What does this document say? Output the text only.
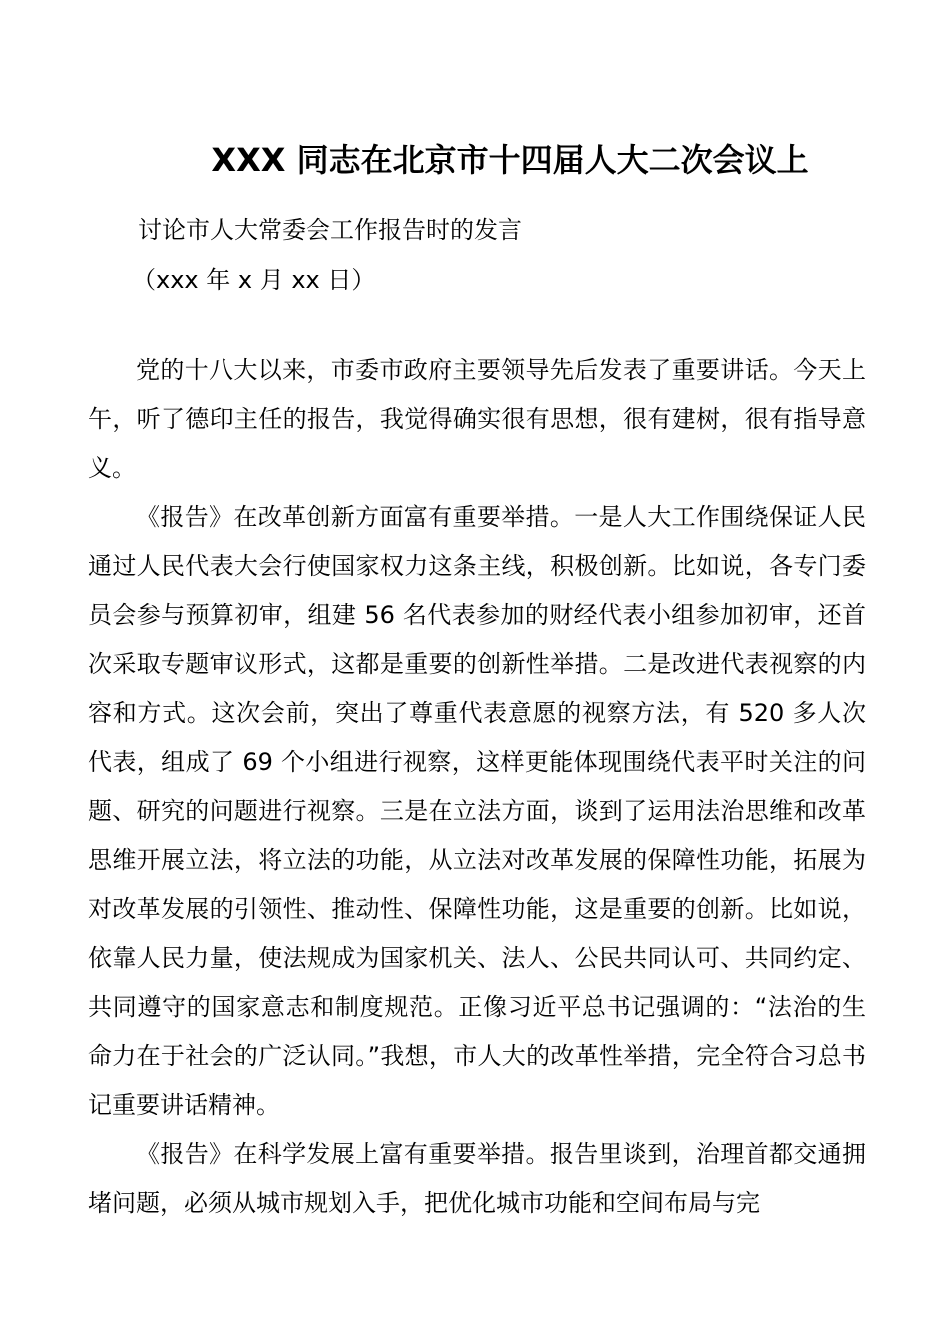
XXX 同志在北京市十四届人大二次会议上
讨论市人大常委会工作报告时的发言
（xxx 年 x 月 xx 日）

党的十八大以来，市委市政府主要领导先后发表了重要讲话。今天上午，听了德印主任的报告，我觉得确实很有思想，很有建树，很有指导意义。

《报告》在改革创新方面富有重要举措。一是人大工作围绕保证人民通过人民代表大会行使国家权力这条主线，积极创新。比如说，各专门委员会参与预算初审，组建 56 名代表参加的财经代表小组参加初审，还首次采取专题审议形式，这都是重要的创新性举措。二是改进代表视察的内容和方式。这次会前，突出了尊重代表意愿的视察方法，有 520 多人次代表，组成了 69 个小组进行视察，这样更能体现围绕代表平时关注的问题、研究的问题进行视察。三是在立法方面，谈到了运用法治思维和改革思维开展立法，将立法的功能，从立法对改革发展的保障性功能，拓展为对改革发展的引领性、推动性、保障性功能，这是重要的创新。比如说，依靠人民力量，使法规成为国家机关、法人、公民共同认可、共同约定、共同遵守的国家意志和制度规范。正像习近平总书记强调的：“法治的生命力在于社会的广泛认同。”我想，市人大的改革性举措，完全符合习总书记重要讲话精神。

《报告》在科学发展上富有重要举措。报告里谈到，治理首都交通拥堵问题，必须从城市规划入手，把优化城市功能和空间布局与完
